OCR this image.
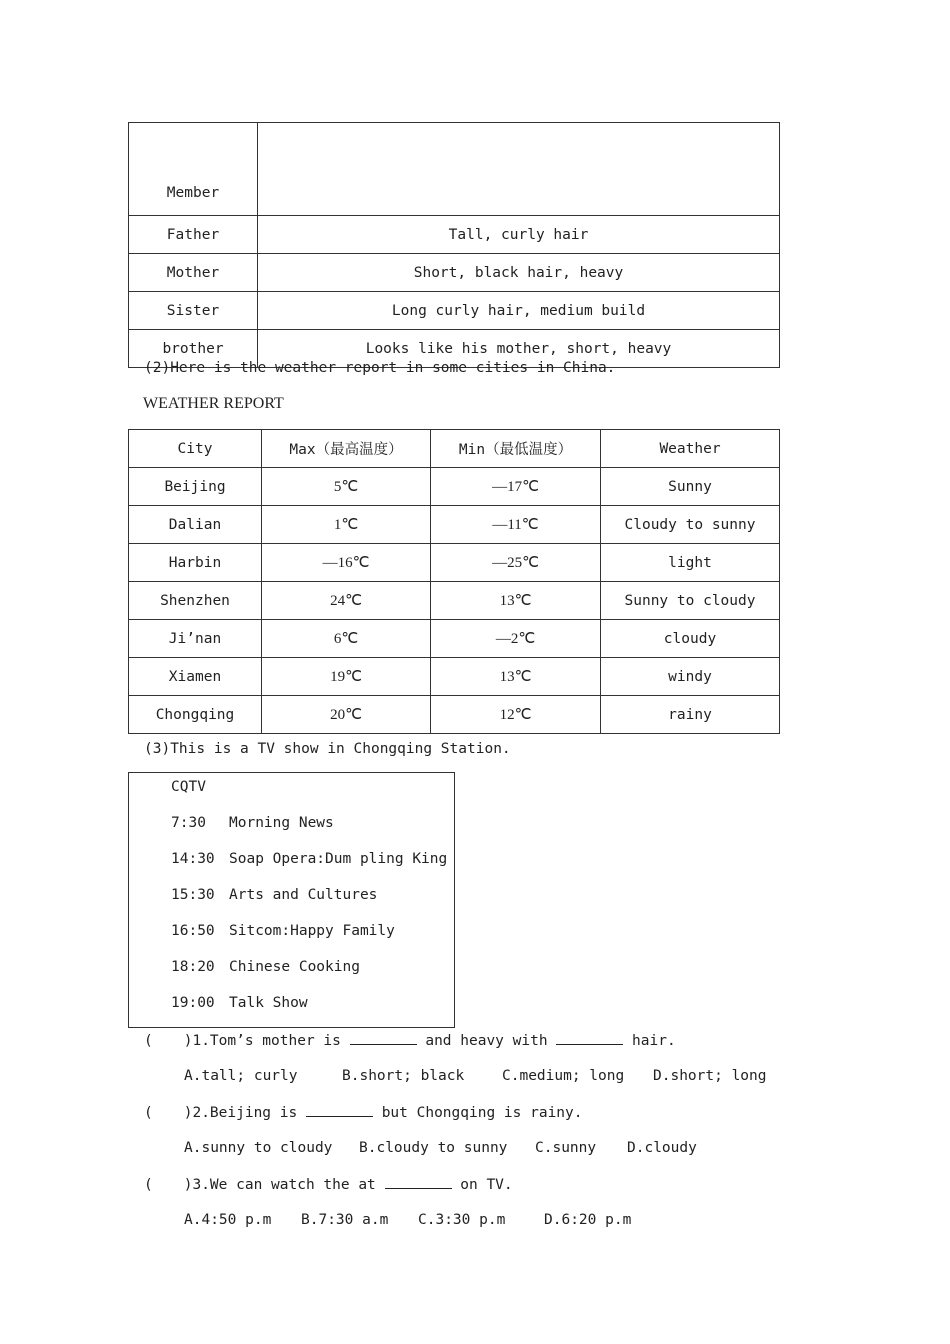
Member	
Father	Tall, curly hair
Mother	Short, black hair, heavy
Sister	Long curly hair, medium build
brother	Looks like his mother, short, heavy
(2)Here is the weather report in some cities in China.
WEATHER REPORT
City	Max（最高温度）	Min（最低温度）	Weather
Beijing	5℃	—17℃	Sunny
Dalian	1℃	—11℃	Cloudy to sunny
Harbin	—16℃	—25℃	light
Shenzhen	24℃	13℃	Sunny to cloudy
Ji’nan	6℃	—2℃	cloudy
Xiamen	19℃	13℃	windy
Chongqing	20℃	12℃	rainy
(3)This is a TV show in Chongqing Station.
CQTV
7:30 Morning News
14:30 Soap Opera:Dum pling King
15:30 Arts and Cultures
16:50 Sitcom:Happy Family
18:20 Chinese Cooking
19:00 Talk Show
( )1.Tom’s mother is	and heavy with	hair.
A.tall; curly	B.short; black	C.medium; long D.short; long
( )2.Beijing is	but Chongqing is rainy.
A.sunny to cloudy B.cloudy to sunny C.sunny D.cloudy
( )3.We can watch the at	on TV.
A.4:50 p.m B.7:30 a.m C.3:30 p.m	D.6:20 p.m
